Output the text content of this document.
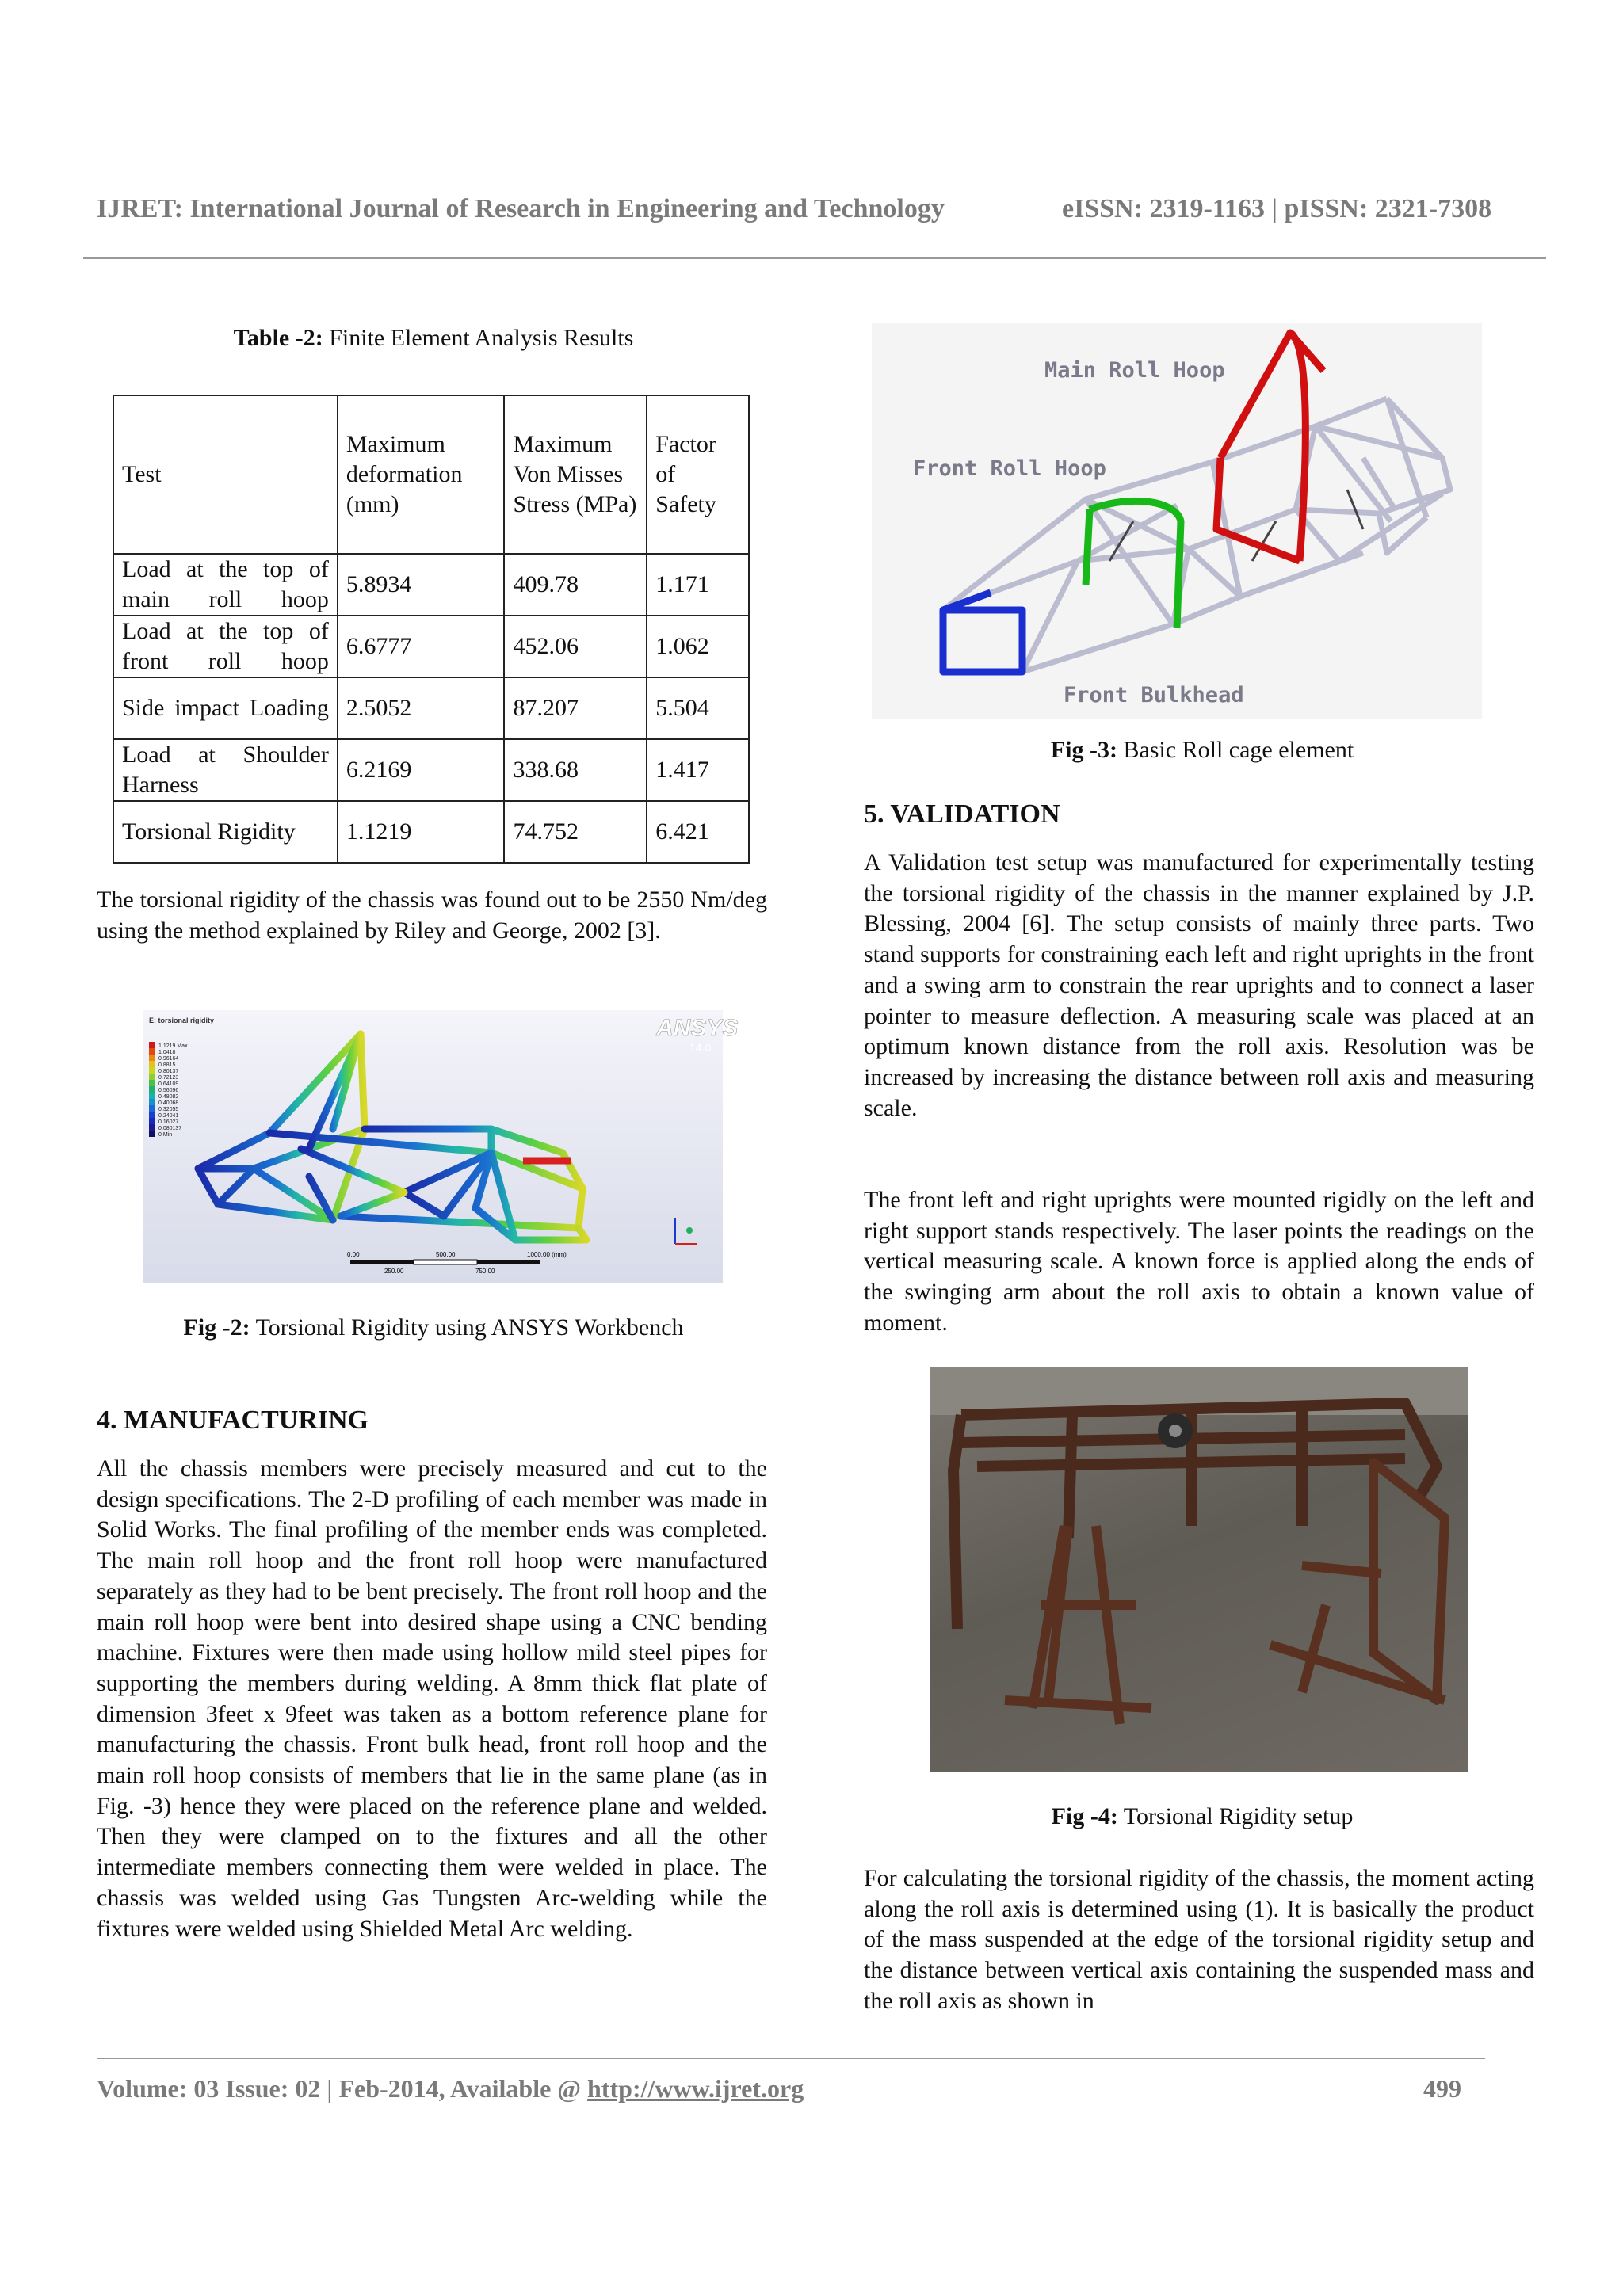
IJRET: International Journal of Research in Engineering and Technology	eISSN: 2319-1163 | pISSN: 2321-7308
Table -2: Finite Element Analysis Results
Test	Maximum deformation (mm)	Maximum Von Misses Stress (MPa)	Factor of Safety
Load at the top of main roll hoop	5.8934	409.78	1.171
Load at the top of front roll hoop	6.6777	452.06	1.062
Side impact Loading	2.5052	87.207	5.504
Load at Shoulder Harness	6.2169	338.68	1.417
Torsional Rigidity	1.1219	74.752	6.421
The torsional rigidity of the chassis was found out to be 2550 Nm/deg using the method explained by Riley and George, 2002 [3].
E: torsional rigidity
1.1219 Max
1.0418
0.96164
0.8815
0.80137
0.72123
0.64109
0.56096
0.48082
0.40068
0.32055
0.24041
0.16027
0.080137
0 Min
ANSYS
14.0
0.00	500.00	1000.00 (mm)
250.00	750.00
Fig -2: Torsional Rigidity using ANSYS Workbench
4. MANUFACTURING
All the chassis members were precisely measured and cut to the design specifications. The 2-D profiling of each member was made in Solid Works. The final profiling of the member ends was completed. The main roll hoop and the front roll hoop were manufactured separately as they had to be bent precisely. The front roll hoop and the main roll hoop were bent into desired shape using a CNC bending machine. Fixtures were then made using hollow mild steel pipes for supporting the members during welding. A 8mm thick flat plate of dimension 3feet x 9feet was taken as a bottom reference plane for manufacturing the chassis. Front bulk head, front roll hoop and the main roll hoop consists of members that lie in the same plane (as in Fig. -3) hence they were placed on the reference plane and welded. Then they were clamped on to the fixtures and all the other intermediate members connecting them were welded in place. The chassis was welded using Gas Tungsten Arc-welding while the fixtures were welded using Shielded Metal Arc welding.
Main Roll Hoop
Front Roll Hoop
Front Bulkhead
Fig -3: Basic Roll cage element
5. VALIDATION
A Validation test setup was manufactured for experimentally testing the torsional rigidity of the chassis in the manner explained by J.P. Blessing, 2004 [6]. The setup consists of mainly three parts. Two stand supports for constraining each left and right uprights in the front and a swing arm to constrain the rear uprights and to connect a laser pointer to measure deflection. A measuring scale was placed at an optimum known distance from the roll axis. Resolution was be increased by increasing the distance between roll axis and measuring scale.
The front left and right uprights were mounted rigidly on the left and right support stands respectively. The laser points the readings on the vertical measuring scale. A known force is applied along the ends of the swinging arm about the roll axis to obtain a known value of moment.
Fig -4: Torsional Rigidity setup
For calculating the torsional rigidity of the chassis, the moment acting along the roll axis is determined using (1). It is basically the product of the mass suspended at the edge of the torsional rigidity setup and the distance between vertical axis containing the suspended mass and the roll axis as shown in
Volume: 03 Issue: 02 | Feb-2014, Available @ http://www.ijret.org	499
